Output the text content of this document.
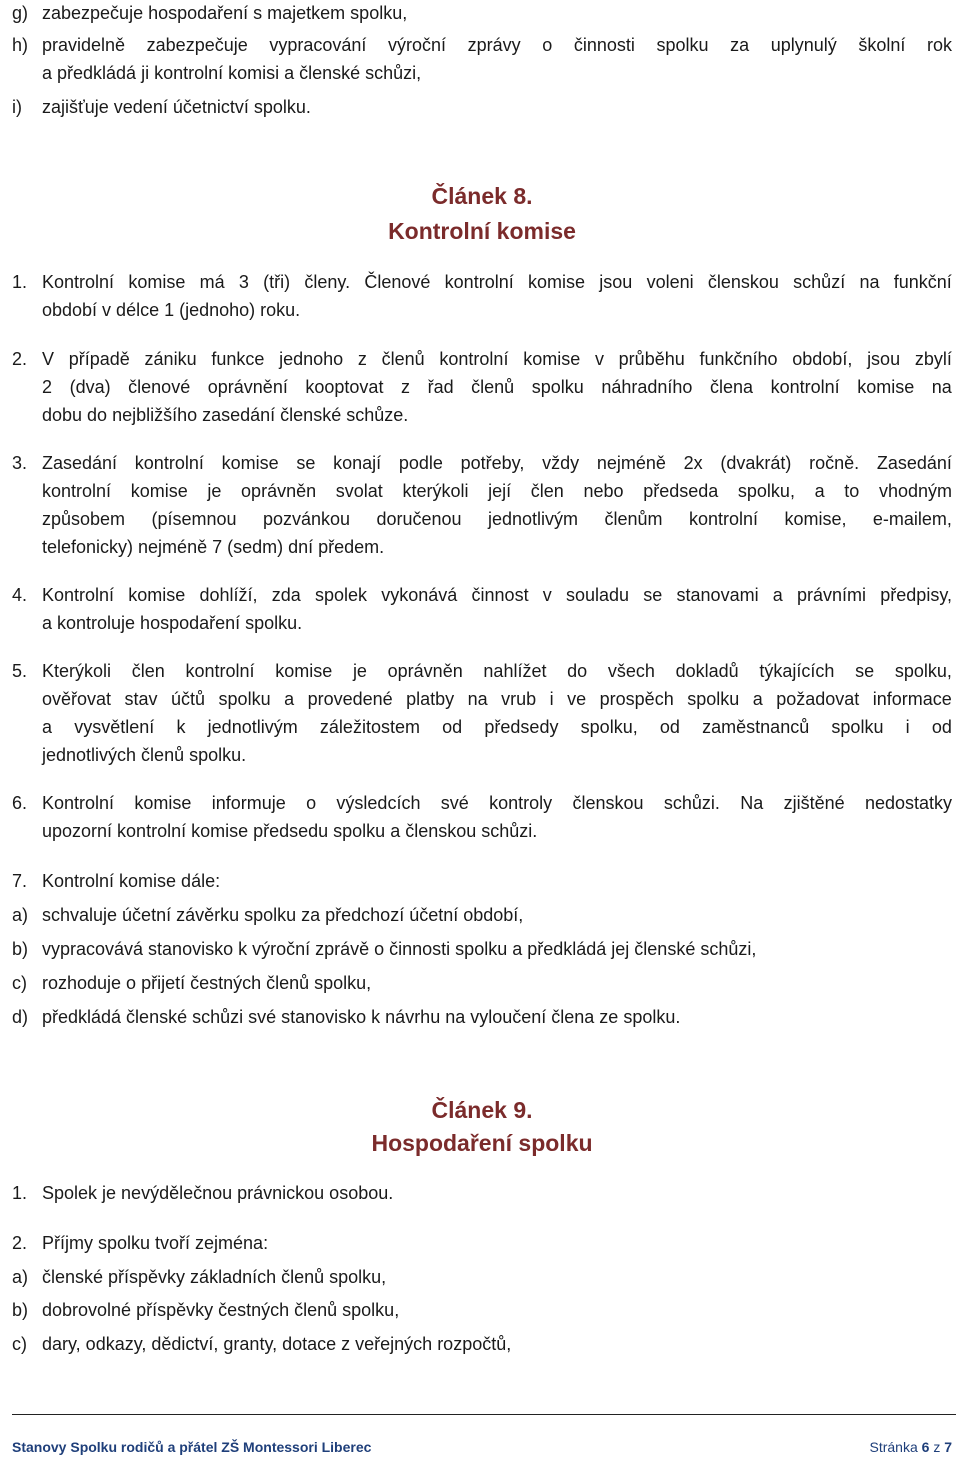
g) zabezpečuje hospodaření s majetkem spolku,
h) pravidelně zabezpečuje vypracování výroční zprávy o činnosti spolku za uplynulý školní rok
a předkládá ji kontrolní komisi a členské schůzi,
i) zajišťuje vedení účetnictví spolku.
Článek 8.
Kontrolní komise
1. Kontrolní komise má 3 (tři) členy. Členové kontrolní komise jsou voleni členskou schůzí na funkční
období v délce 1 (jednoho) roku.
2. V případě zániku funkce jednoho z členů kontrolní komise v průběhu funkčního období, jsou zbylí
2 (dva) členové oprávnění kooptovat z řad členů spolku náhradního člena kontrolní komise na
dobu do nejbližšího zasedání členské schůze.
3. Zasedání kontrolní komise se konají podle potřeby, vždy nejméně 2x (dvakrát) ročně. Zasedání
kontrolní komise je oprávněn svolat kterýkoli její člen nebo předseda spolku, a to vhodným
způsobem (písemnou pozvánkou doručenou jednotlivým členům kontrolní komise, e-mailem,
telefonicky) nejméně 7 (sedm) dní předem.
4. Kontrolní komise dohlíží, zda spolek vykonává činnost v souladu se stanovami a právními předpisy,
a kontroluje hospodaření spolku.
5. Kterýkoli člen kontrolní komise je oprávněn nahlížet do všech dokladů týkajících se spolku,
ověřovat stav účtů spolku a provedené platby na vrub i ve prospěch spolku a požadovat informace
a vysvětlení k jednotlivým záležitostem od předsedy spolku, od zaměstnanců spolku i od
jednotlivých členů spolku.
6. Kontrolní komise informuje o výsledcích své kontroly členskou schůzi. Na zjištěné nedostatky
upozorní kontrolní komise předsedu spolku a členskou schůzi.
7. Kontrolní komise dále:
a) schvaluje účetní závěrku spolku za předchozí účetní období,
b) vypracovává stanovisko k výroční zprávě o činnosti spolku a předkládá jej členské schůzi,
c) rozhoduje o přijetí čestných členů spolku,
d) předkládá členské schůzi své stanovisko k návrhu na vyloučení člena ze spolku.
Článek 9.
Hospodaření spolku
1. Spolek je nevýdělečnou právnickou osobou.
2. Příjmy spolku tvoří zejména:
a) členské příspěvky základních členů spolku,
b) dobrovolné příspěvky čestných členů spolku,
c) dary, odkazy, dědictví, granty, dotace z veřejných rozpočtů,
Stanovy Spolku rodičů a přátel ZŠ Montessori Liberec	Stránka 6 z 7
